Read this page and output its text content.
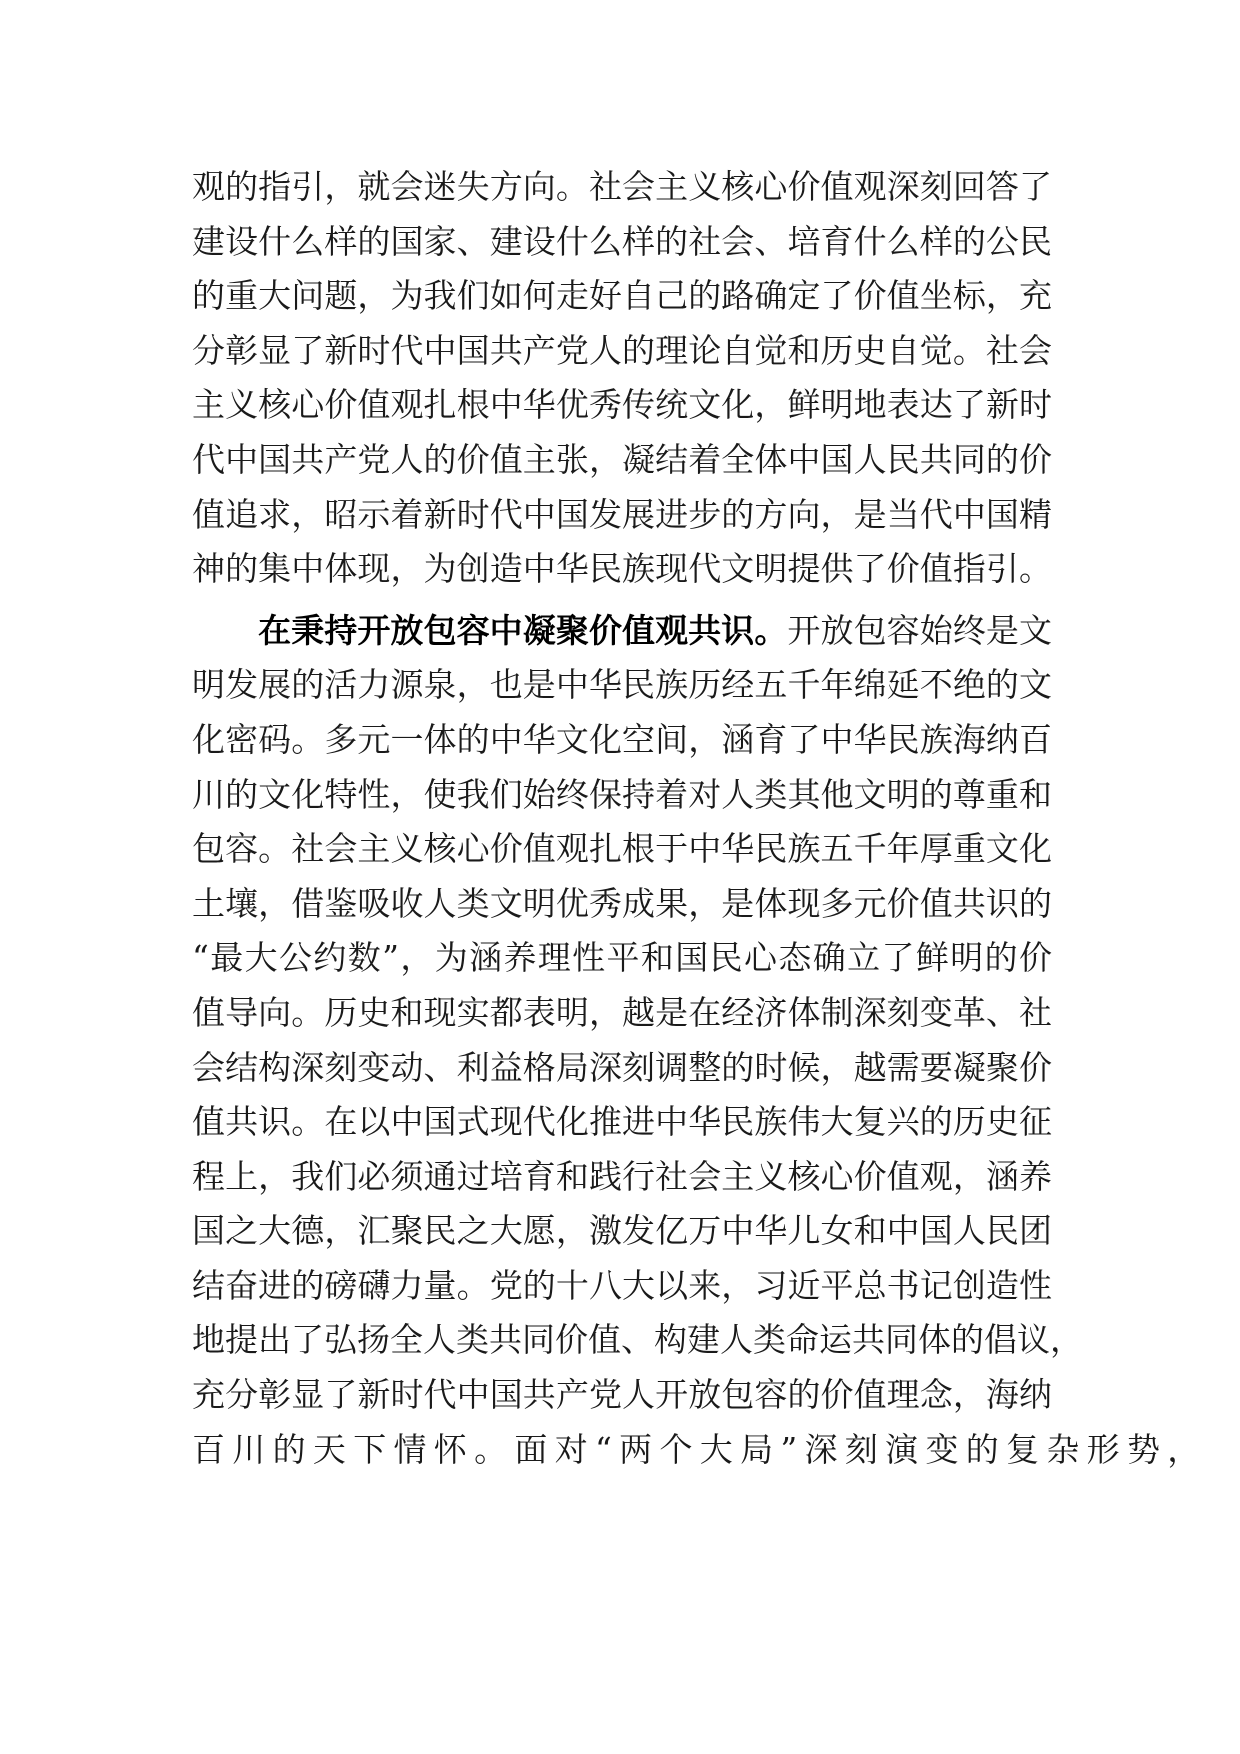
观的指引，就会迷失方向。社会主义核心价值观深刻回答了
建设什么样的国家、建设什么样的社会、培育什么样的公民
的重大问题，为我们如何走好自己的路确定了价值坐标，充
分彰显了新时代中国共产党人的理论自觉和历史自觉。社会
主义核心价值观扎根中华优秀传统文化，鲜明地表达了新时
代中国共产党人的价值主张，凝结着全体中国人民共同的价
值追求，昭示着新时代中国发展进步的方向，是当代中国精
神的集中体现，为创造中华民族现代文明提供了价值指引。
在秉持开放包容中凝聚价值观共识。开放包容始终是文
明发展的活力源泉，也是中华民族历经五千年绵延不绝的文
化密码。多元一体的中华文化空间，涵育了中华民族海纳百
川的文化特性，使我们始终保持着对人类其他文明的尊重和
包容。社会主义核心价值观扎根于中华民族五千年厚重文化
土壤，借鉴吸收人类文明优秀成果，是体现多元价值共识的
“最大公约数”，为涵养理性平和国民心态确立了鲜明的价
值导向。历史和现实都表明，越是在经济体制深刻变革、社
会结构深刻变动、利益格局深刻调整的时候，越需要凝聚价
值共识。在以中国式现代化推进中华民族伟大复兴的历史征
程上，我们必须通过培育和践行社会主义核心价值观，涵养
国之大德，汇聚民之大愿，激发亿万中华儿女和中国人民团
结奋进的磅礴力量。党的十八大以来，习近平总书记创造性
地提出了弘扬全人类共同价值、构建人类命运共同体的倡议，
充分彰显了新时代中国共产党人开放包容的价值理念，海纳
百川的天下情怀。面对“两个大局”深刻演变的复杂形势，
